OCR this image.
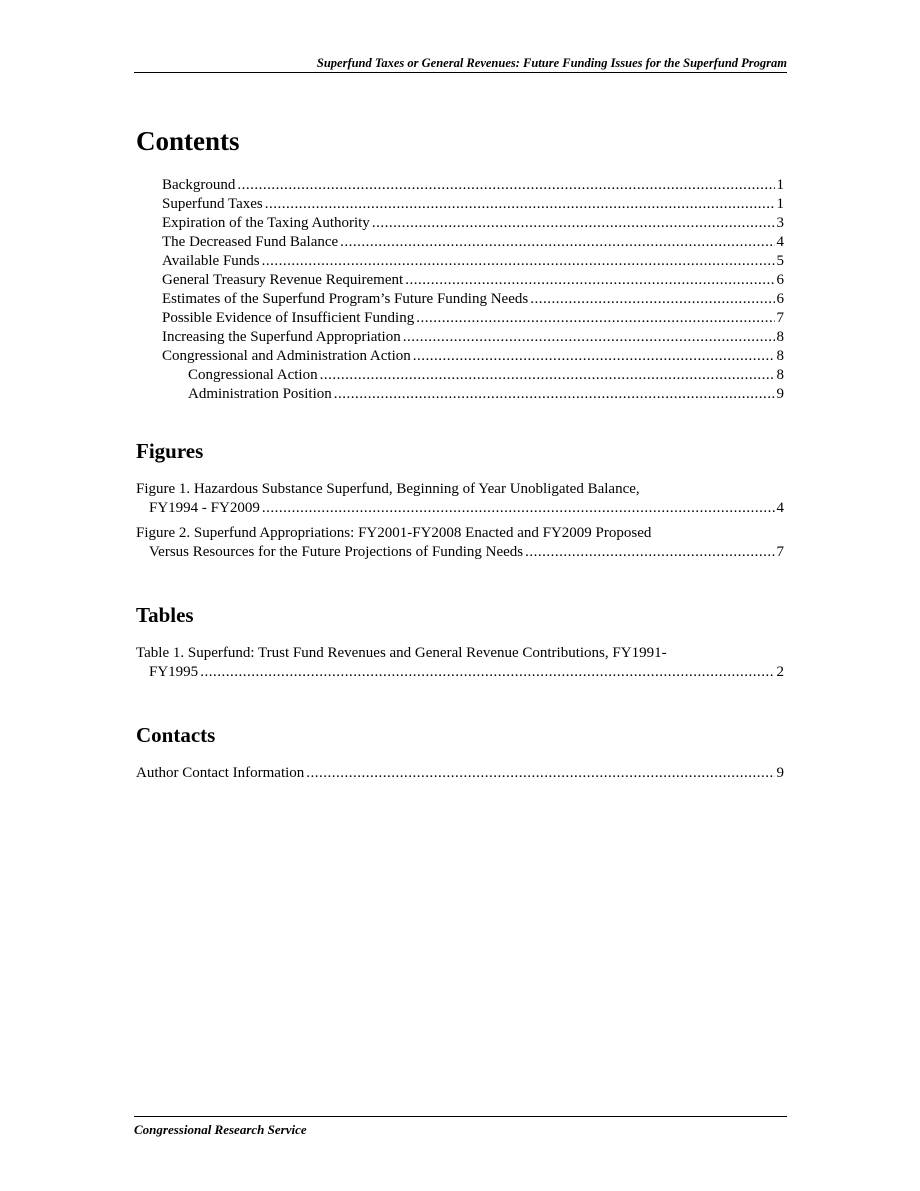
Superfund Taxes or General Revenues: Future Funding Issues for the Superfund Program
Contents
Background .....	1
Superfund Taxes .....	1
Expiration of the Taxing Authority .....	3
The Decreased Fund Balance .....	4
Available Funds .....	5
General Treasury Revenue Requirement .....	6
Estimates of the Superfund Program’s Future Funding Needs .....	6
Possible Evidence of Insufficient Funding .....	7
Increasing the Superfund Appropriation .....	8
Congressional and Administration Action .....	8
Congressional Action .....	8
Administration Position .....	9
Figures
Figure 1. Hazardous Substance Superfund, Beginning of Year Unobligated Balance,
FY1994 - FY2009 .....	4
Figure 2. Superfund Appropriations: FY2001-FY2008 Enacted and FY2009 Proposed
Versus Resources for the Future Projections of Funding Needs .....	7
Tables
Table 1. Superfund: Trust Fund Revenues and General Revenue Contributions, FY1991-
FY1995 .....	2
Contacts
Author Contact Information .....	9
Congressional Research Service
